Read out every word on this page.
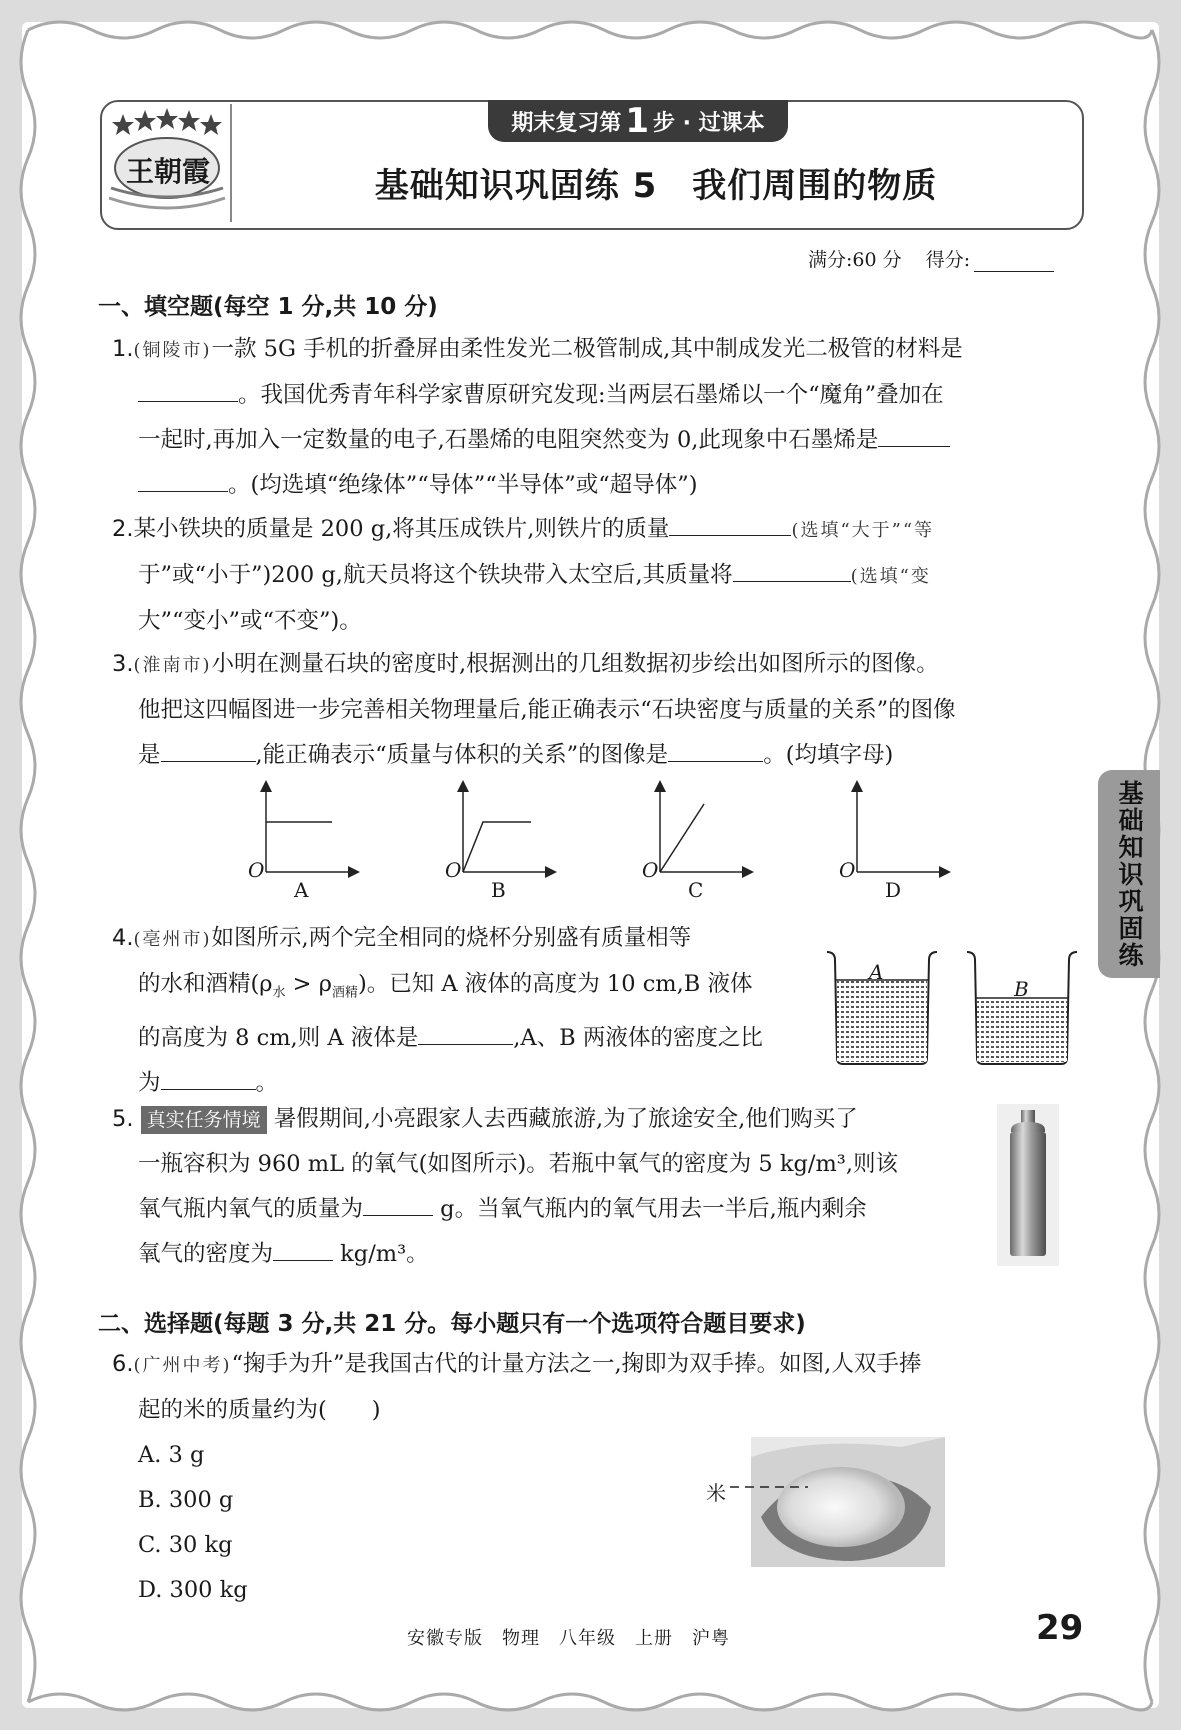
王朝霞
期末复习第 1 步 · 过课本
基础知识巩固练 5　我们周围的物质
满分:60 分 得分:
基础知识巩固练
一、填空题(每空 1 分,共 10 分)
1.(铜陵市)一款 5G 手机的折叠屏由柔性发光二极管制成,其中制成发光二极管的材料是
。我国优秀青年科学家曹原研究发现:当两层石墨烯以一个“魔角”叠加在
一起时,再加入一定数量的电子,石墨烯的电阻突然变为 0,此现象中石墨烯是
。(均选填“绝缘体”“导体”“半导体”或“超导体”)
2.某小铁块的质量是 200 g,将其压成铁片,则铁片的质量	(选填“大于”“等
于”或“小于”)200 g,航天员将这个铁块带入太空后,其质量将	(选填“变
大”“变小”或“不变”)。
3.(淮南市)小明在测量石块的密度时,根据测出的几组数据初步绘出如图所示的图像。
他把这四幅图进一步完善相关物理量后,能正确表示“石块密度与质量的关系”的图像
是	,能正确表示“质量与体积的关系”的图像是	。(均填字母)
O	O	O	O
A	B	C	D
4.(亳州市)如图所示,两个完全相同的烧杯分别盛有质量相等
的水和酒精$(\rho_水 > \rho_{酒精})$。已知 A 液体的高度为 10 cm,B 液体
的高度为 8 cm,则 A 液体是	,A、B 两液体的密度之比
为	。
A
B
5. 真实任务情境 暑假期间,小亮跟家人去西藏旅游,为了旅途安全,他们购买了
一瓶容积为 960 mL 的氧气(如图所示)。若瓶中氧气的密度为 5 kg/m³,则该
氧气瓶内氧气的质量为	g。当氧气瓶内的氧气用去一半后,瓶内剩余
氧气的密度为	kg/m³。
二、选择题(每题 3 分,共 21 分。每小题只有一个选项符合题目要求)
6.(广州中考)“掬手为升”是我国古代的计量方法之一,掬即为双手捧。如图,人双手捧
起的米的质量约为(　　)
A. 3 g
B. 300 g
C. 30 kg
D. 300 kg
米
安徽专版　物理　八年级　上册　沪粤	29
